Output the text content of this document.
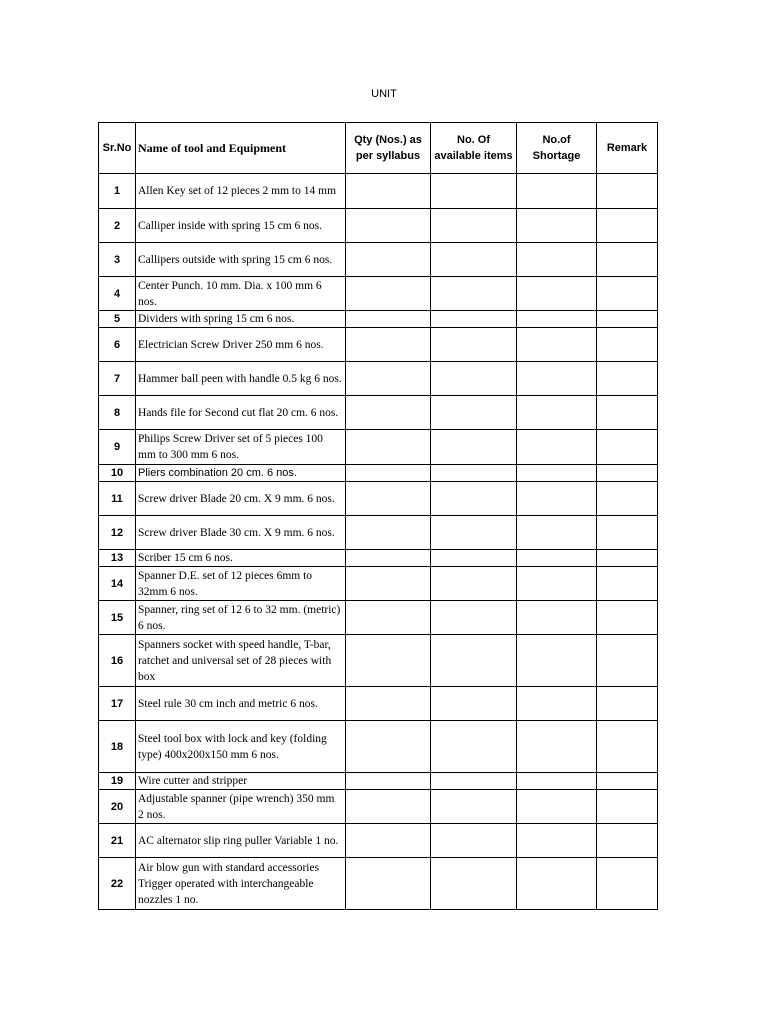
UNIT
Sr.No	Name of tool and Equipment	Qty (Nos.) as per syllabus	No. Of available items	No.of Shortage	Remark
1	Allen Key set of 12 pieces 2 mm to 14 mm				
2	Calliper inside with spring 15 cm 6 nos.				
3	Callipers outside with spring 15 cm 6 nos.				
4	Center Punch. 10 mm. Dia. x 100 mm 6 nos.				
5	Dividers with spring 15 cm 6 nos.				
6	Electrician Screw Driver 250 mm 6 nos.				
7	Hammer ball peen with handle 0.5 kg 6 nos.				
8	Hands file for Second cut flat 20 cm. 6 nos.				
9	Philips Screw Driver set of 5 pieces 100 mm to 300 mm 6 nos.				
10	Pliers combination 20 cm. 6 nos.				
11	Screw driver Blade 20 cm. X 9 mm. 6 nos.				
12	Screw driver Blade 30 cm. X 9 mm. 6 nos.				
13	Scriber 15 cm 6 nos.				
14	Spanner D.E. set of 12 pieces 6mm to 32mm 6 nos.				
15	Spanner, ring set of 12 6 to 32 mm. (metric) 6 nos.				
16	Spanners socket with speed handle, T-bar, ratchet and universal set of 28 pieces with box				
17	Steel rule 30 cm inch and metric 6 nos.				
18	Steel tool box with lock and key (folding type) 400x200x150 mm 6 nos.				
19	Wire cutter and stripper				
20	Adjustable spanner (pipe wrench) 350 mm 2 nos.				
21	AC alternator slip ring puller Variable 1 no.				
22	Air blow gun with standard accessories Trigger operated with interchangeable nozzles 1 no.				
